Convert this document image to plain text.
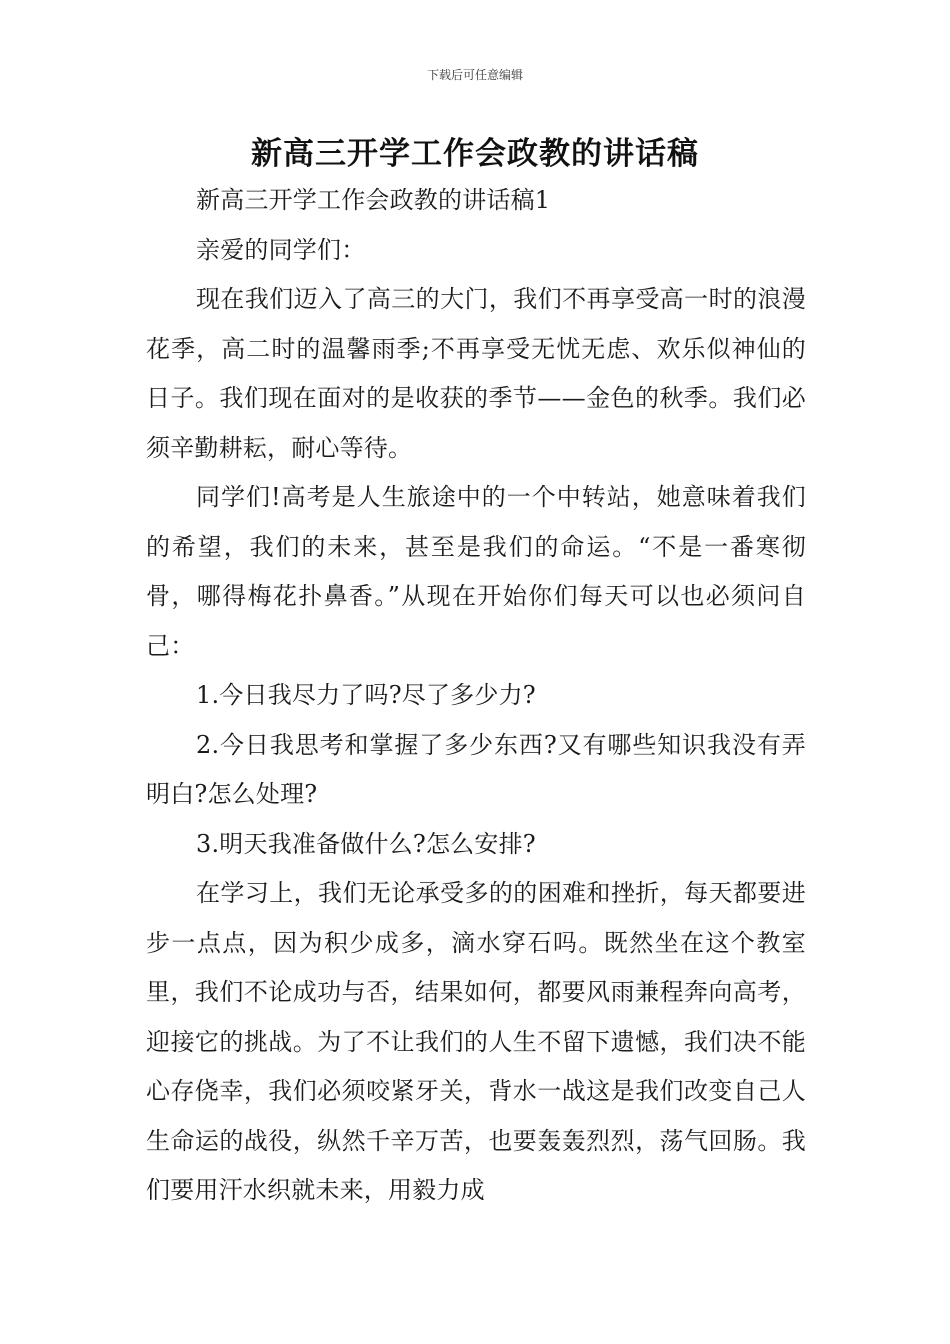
下载后可任意编辑
新高三开学工作会政教的讲话稿

新高三开学工作会政教的讲话稿1

亲爱的同学们：

现在我们迈入了高三的大门，我们不再享受高一时的浪漫花季，高二时的温馨雨季;不再享受无忧无虑、欢乐似神仙的日子。我们现在面对的是收获的季节——金色的秋季。我们必须辛勤耕耘，耐心等待。

同学们!高考是人生旅途中的一个中转站，她意味着我们的希望，我们的未来，甚至是我们的命运。“不是一番寒彻骨，哪得梅花扑鼻香。”从现在开始你们每天可以也必须问自己：

1.今日我尽力了吗?尽了多少力?

2.今日我思考和掌握了多少东西?又有哪些知识我没有弄明白?怎么处理?

3.明天我准备做什么?怎么安排?

在学习上，我们无论承受多的的困难和挫折，每天都要进步一点点，因为积少成多，滴水穿石吗。既然坐在这个教室里，我们不论成功与否，结果如何，都要风雨兼程奔向高考，迎接它的挑战。为了不让我们的人生不留下遗憾，我们决不能心存侥幸，我们必须咬紧牙关，背水一战这是我们改变自己人生命运的战役，纵然千辛万苦，也要轰轰烈烈，荡气回肠。我们要用汗水织就未来，用毅力成
